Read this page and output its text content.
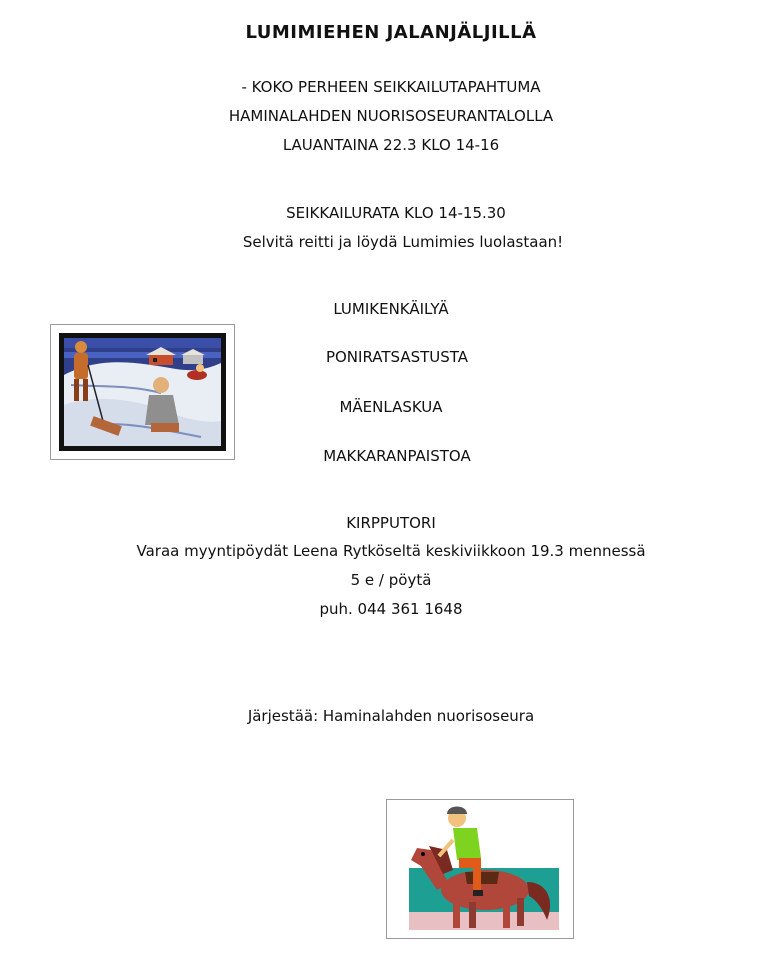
LUMIMIEHEN JALANJÄLJILLÄ
- KOKO PERHEEN SEIKKAILUTAPAHTUMA
HAMINALAHDEN NUORISOSEURANTALOLLA
LAUANTAINA 22.3 KLO 14-16
SEIKKAILURATA KLO 14-15.30
Selvitä reitti ja löydä Lumimies luolastaan!
LUMIKENKÄILYÄ
PONIRATSASTUSTA
MÄENLASKUA
MAKKARANPAISTOA
KIRPPUTORI
Varaa myyntipöydät Leena Rytköseltä keskiviikkoon 19.3 mennessä
5 e / pöytä
puh. 044 361 1648
Järjestää: Haminalahden nuorisoseura
